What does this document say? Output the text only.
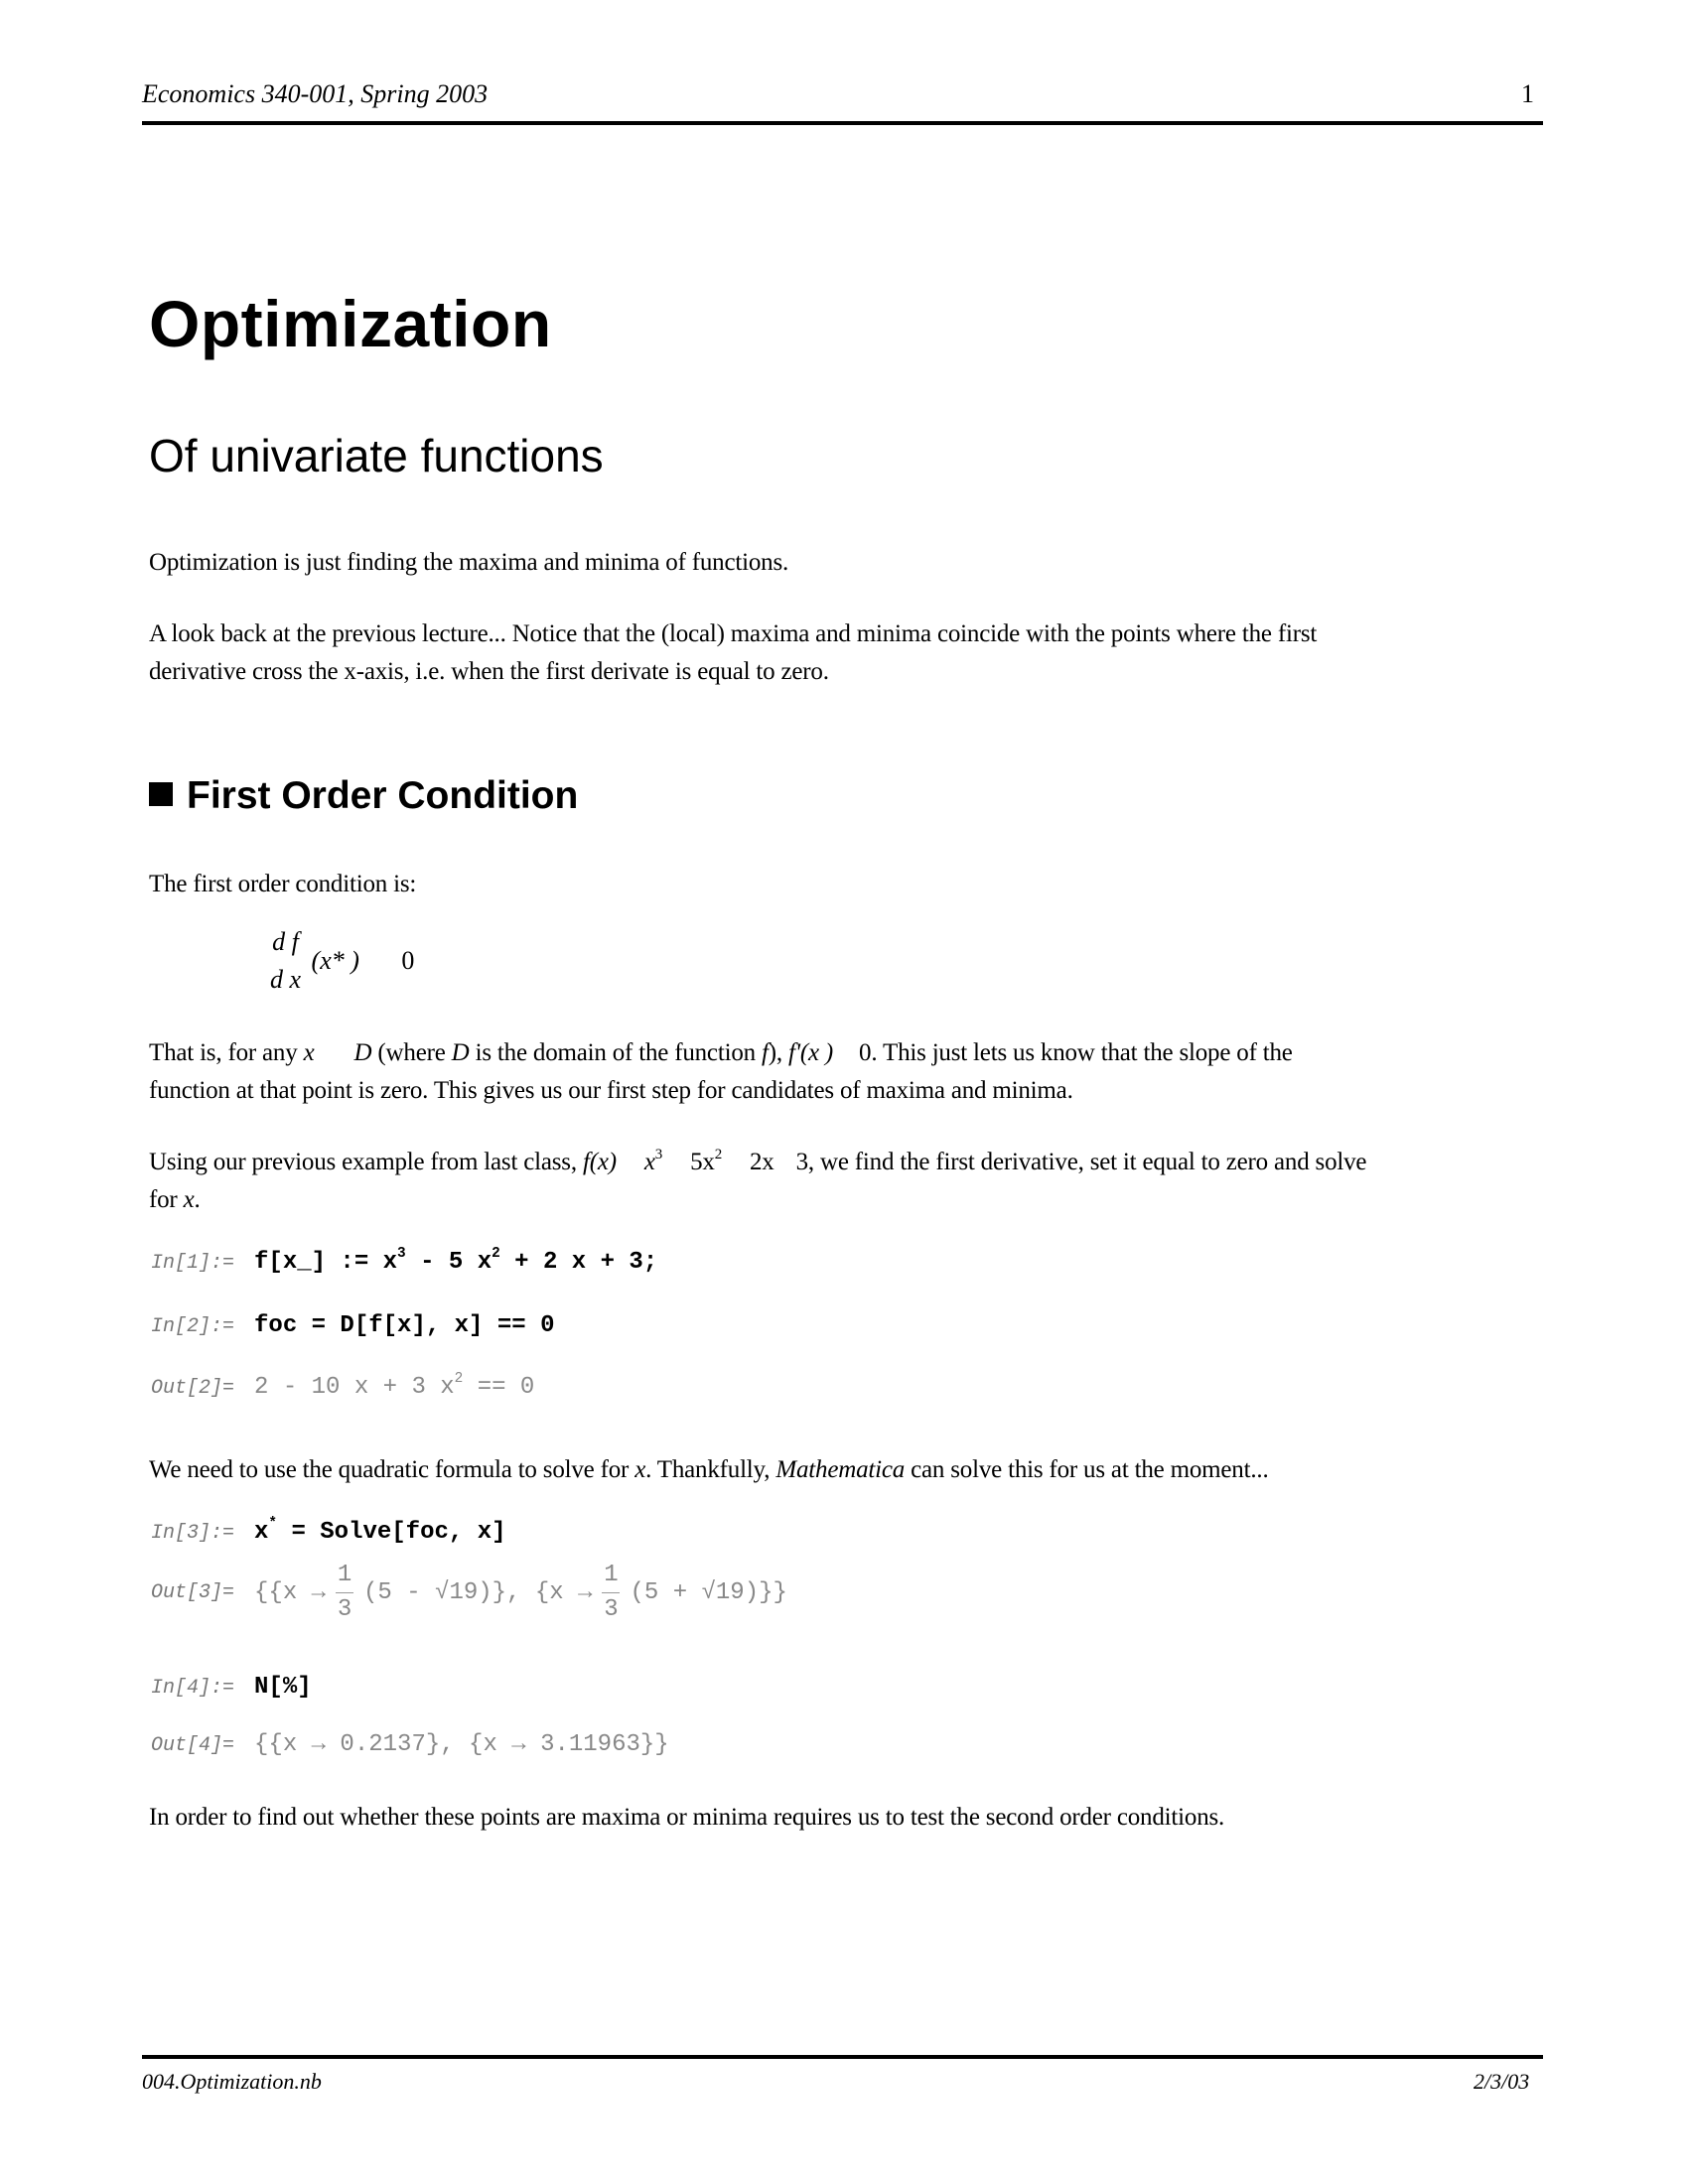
Economics 340-001, Spring 2003	1
Optimization
Of univariate functions
Optimization is just finding the maxima and minima of functions.
A look back at the previous lecture... Notice that the (local) maxima and minima coincide with the points where the first
derivative cross the x-axis, i.e. when the first derivate is equal to zero.
First Order Condition
The first order condition is:
d f
d x
(x* ) 0
That is, for any x D (where D is the domain of the function f), f'(x ) 0. This just lets us know that the slope of the
function at that point is zero. This gives us our first step for candidates of maxima and minima.
Using our previous example from last class, f(x) $x^3$ $5x^2$ 2x 3, we find the first derivative, set it equal to zero and solve
for x.
In[1]:= f[x_] := $x^3 - 5$ $x^2 + 2$ x + 3;
In[2]:= foc = D[f[x], x] == 0
Out[2]= 2 - 10 x + 3 $x^2 == 0$
We need to use the quadratic formula to solve for x. Thankfully, Mathematica can solve this for us at the moment...
In[3]:= x* = Solve[foc, x]
Out[3]= {{x →
1
3
(5 - √19) }, {x →
1
3
(5 + √19) }}
In[4]:= N[%]
Out[4]= {{x → 0.2137}, {x → 3.11963}}
In order to find out whether these points are maxima or minima requires us to test the second order conditions.
004.Optimization.nb	2/3/03
